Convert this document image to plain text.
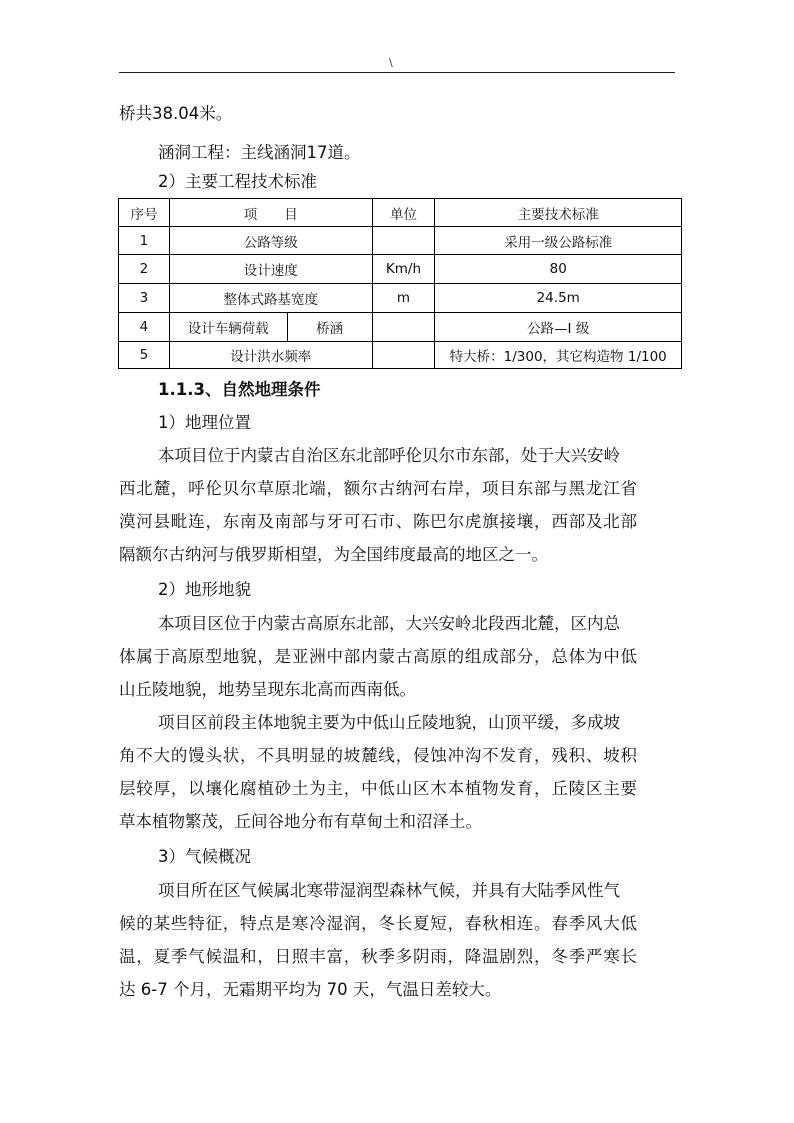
\
桥共38.04米。
涵洞工程：主线涵洞17道。
2）主要工程技术标准
序号	项　　目		单位	主要技术标准
1	公路等级			采用一级公路标准
2	设计速度		Km/h	80
3	整体式路基宽度		m	24.5m
4	设计车辆荷载	桥涵		公路—I 级
5	设计洪水频率			特大桥：1/300，其它构造物 1/100
1.1.3、自然地理条件
1）地理位置
本项目位于内蒙古自治区东北部呼伦贝尔市东部，处于大兴安岭
西北麓，呼伦贝尔草原北端，额尔古纳河右岸，项目东部与黑龙江省
漠河县毗连，东南及南部与牙可石市、陈巴尔虎旗接壤，西部及北部
隔额尔古纳河与俄罗斯相望，为全国纬度最高的地区之一。
2）地形地貌
本项目区位于内蒙古高原东北部，大兴安岭北段西北麓，区内总
体属于高原型地貌，是亚洲中部内蒙古高原的组成部分，总体为中低
山丘陵地貌，地势呈现东北高而西南低。
项目区前段主体地貌主要为中低山丘陵地貌，山顶平缓，多成坡
角不大的馒头状，不具明显的坡麓线，侵蚀冲沟不发育，残积、坡积
层较厚，以壤化腐植砂土为主，中低山区木本植物发育，丘陵区主要
草本植物繁茂，丘间谷地分布有草甸土和沼泽土。
3）气候概况
项目所在区气候属北寒带湿润型森林气候，并具有大陆季风性气
候的某些特征，特点是寒冷湿润，冬长夏短，春秋相连。春季风大低
温，夏季气候温和，日照丰富，秋季多阴雨，降温剧烈，冬季严寒长
达 6-7 个月，无霜期平均为 70 天，气温日差较大。
